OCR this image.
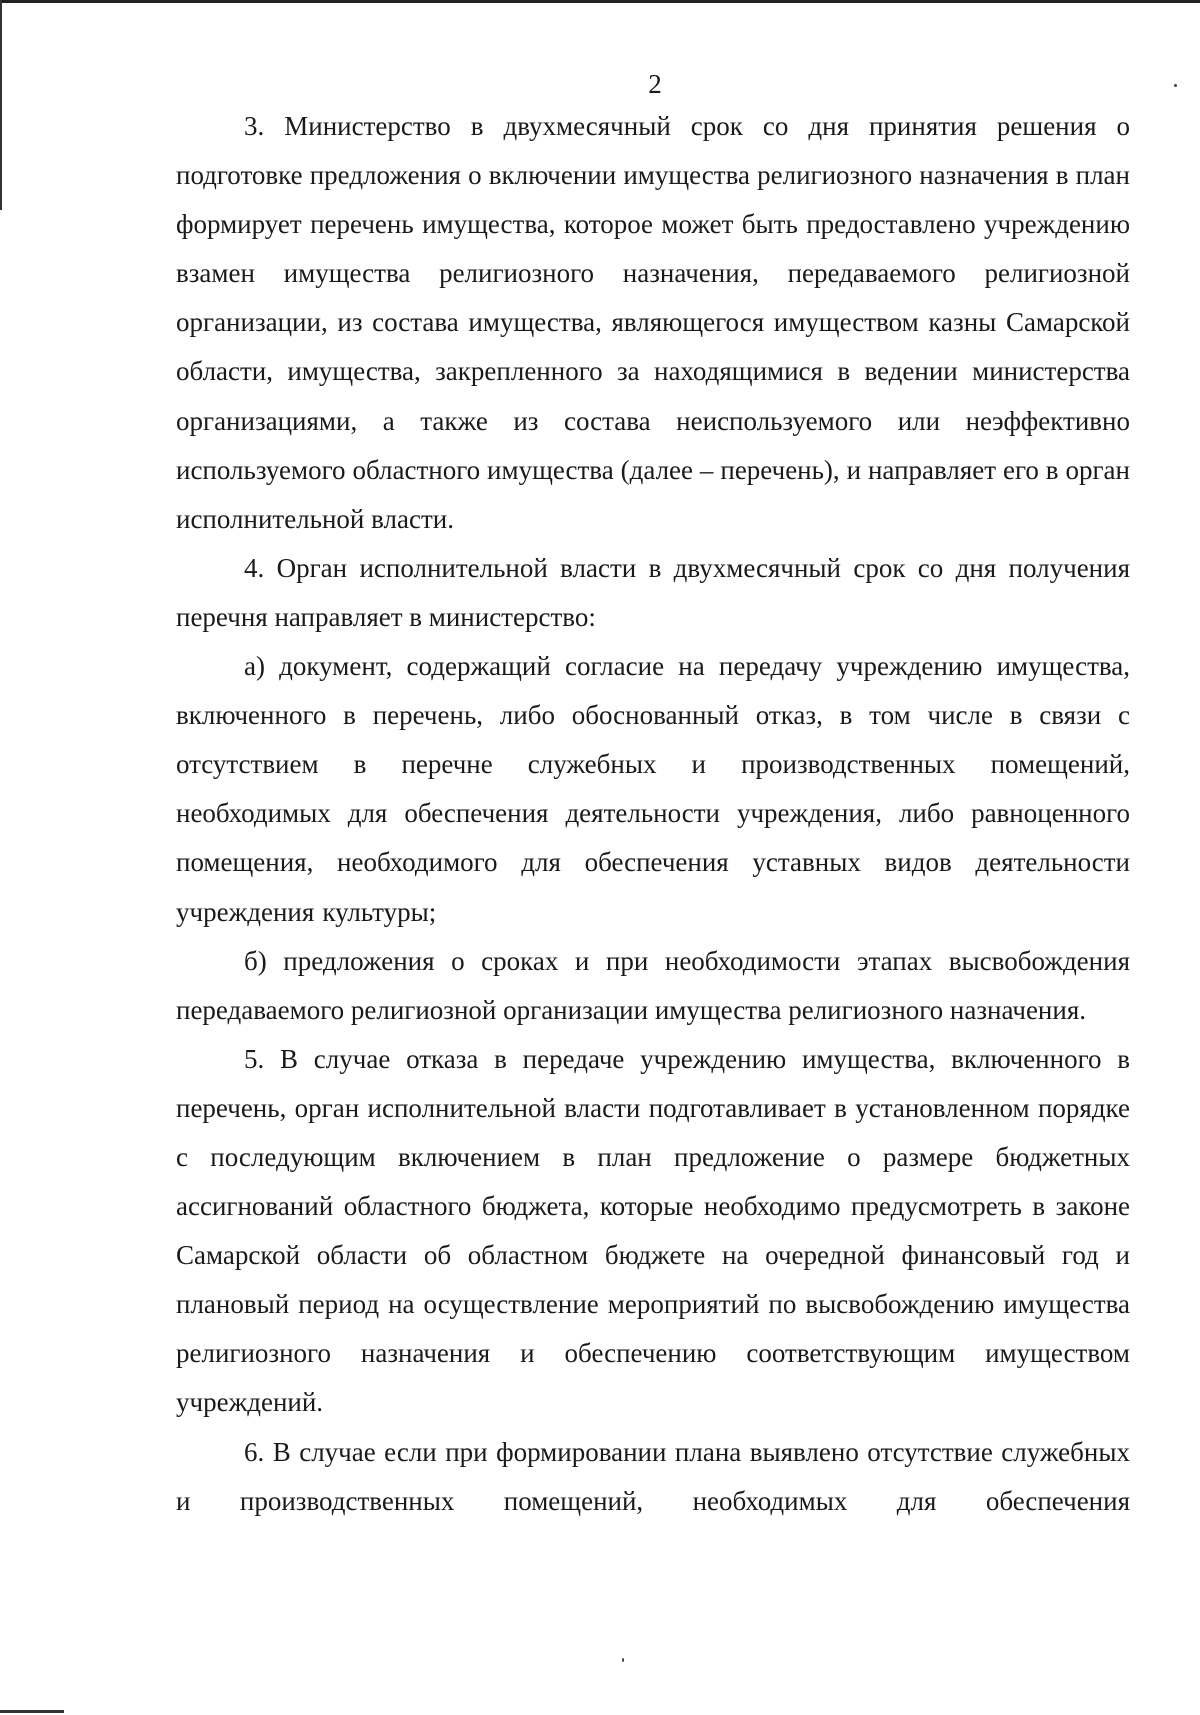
2

3. Министерство в двухмесячный срок со дня принятия решения о подготовке предложения о включении имущества религиозного назначения в план формирует перечень имущества, которое может быть предоставлено учреждению взамен имущества религиозного назначения, передаваемого религиозной организации, из состава имущества, являющегося имуществом казны Самарской области, имущества, закрепленного за находящимися в ведении министерства организациями, а также из состава неиспользуемого или неэффективно используемого областного имущества (далее – перечень), и направляет его в орган исполнительной власти.

4. Орган исполнительной власти в двухмесячный срок со дня получения перечня направляет в министерство:

а) документ, содержащий согласие на передачу учреждению имущества, включенного в перечень, либо обоснованный отказ, в том числе в связи с отсутствием в перечне служебных и производственных помещений, необходимых для обеспечения деятельности учреждения, либо равноценного помещения, необходимого для обеспечения уставных видов деятельности учреждения культуры;

б) предложения о сроках и при необходимости этапах высвобождения передаваемого религиозной организации имущества религиозного назначения.

5. В случае отказа в передаче учреждению имущества, включенного в перечень, орган исполнительной власти подготавливает в установленном порядке с последующим включением в план предложение о размере бюджетных ассигнований областного бюджета, которые необходимо предусмотреть в законе Самарской области об областном бюджете на очередной финансовый год и плановый период на осуществление мероприятий по высвобождению имущества религиозного назначения и обеспечению соответствующим имуществом учреждений.

6. В случае если при формировании плана выявлено отсутствие служебных и производственных помещений, необходимых для обеспечения
